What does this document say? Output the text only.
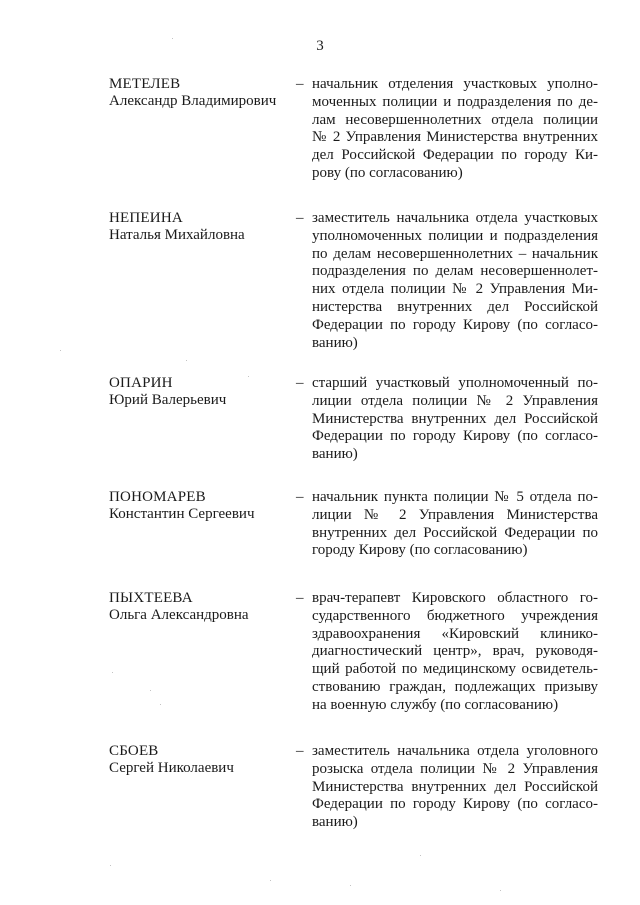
3
МЕТЕЛЕВ
Александр Владимирович
– начальник отделения участковых уполно-
моченных полиции и подразделения по де-
лам несовершеннолетних отдела полиции
№ 2 Управления Министерства внутренних
дел Российской Федерации по городу Ки-
рову (по согласованию)
НЕПЕИНА
Наталья Михайловна
– заместитель начальника отдела участковых
уполномоченных полиции и подразделения
по делам несовершеннолетних – начальник
подразделения по делам несовершеннолет-
них отдела полиции № 2 Управления Ми-
нистерства внутренних дел Российской
Федерации по городу Кирову (по согласо-
ванию)
ОПАРИН
Юрий Валерьевич
– старший участковый уполномоченный по-
лиции отдела полиции № 2 Управления
Министерства внутренних дел Российской
Федерации по городу Кирову (по согласо-
ванию)
ПОНОМАРЕВ
Константин Сергеевич
– начальник пункта полиции № 5 отдела по-
лиции № 2 Управления Министерства
внутренних дел Российской Федерации по
городу Кирову (по согласованию)
ПЫХТЕЕВА
Ольга Александровна
– врач-терапевт Кировского областного го-
сударственного бюджетного учреждения
здравоохранения «Кировский клинико-
диагностический центр», врач, руководя-
щий работой по медицинскому освидетель-
ствованию граждан, подлежащих призыву
на военную службу (по согласованию)
СБОЕВ
Сергей Николаевич
– заместитель начальника отдела уголовного
розыска отдела полиции № 2 Управления
Министерства внутренних дел Российской
Федерации по городу Кирову (по согласо-
ванию)
